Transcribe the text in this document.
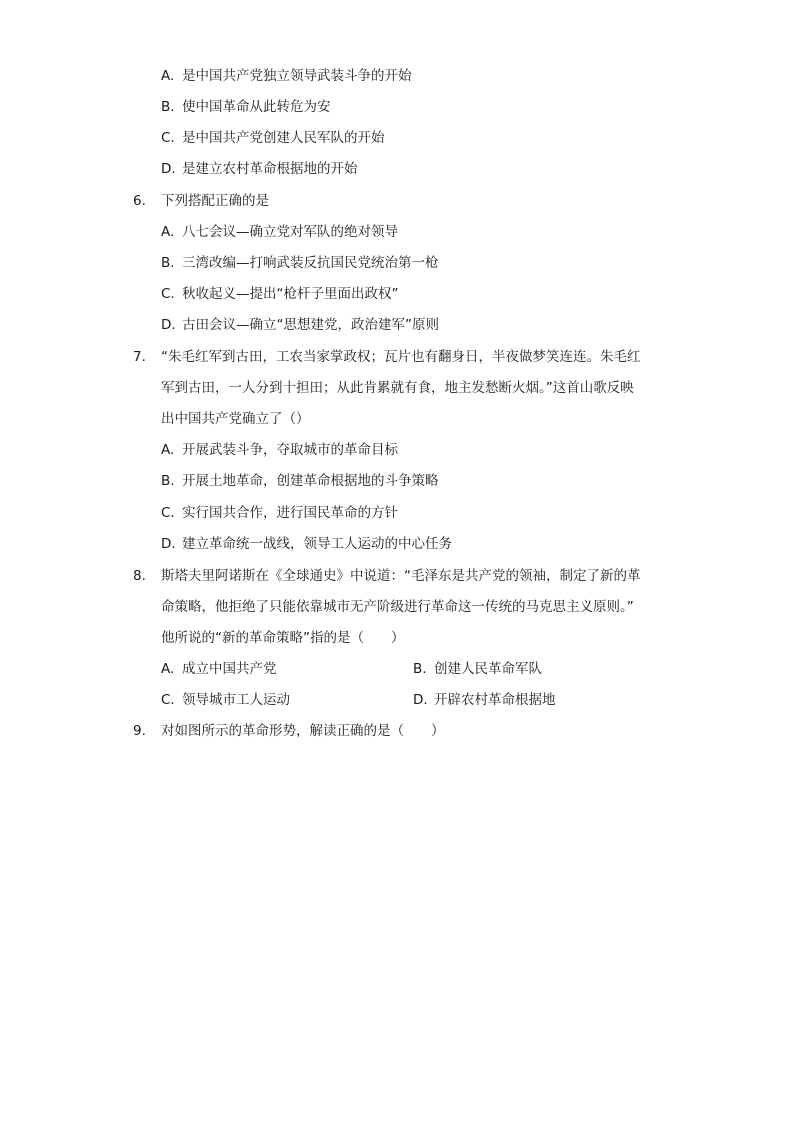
A. 是中国共产党独立领导武装斗争的开始
B. 使中国革命从此转危为安
C. 是中国共产党创建人民军队的开始
D. 是建立农村革命根据地的开始
6. 下列搭配正确的是
A. 八七会议—确立党对军队的绝对领导
B. 三湾改编—打响武装反抗国民党统治第一枪
C. 秋收起义—提出“枪杆子里面出政权”
D. 古田会议—确立“思想建党，政治建军”原则
7. “朱毛红军到古田，工农当家掌政权；瓦片也有翻身日，半夜做梦笑连连。朱毛红
军到古田，一人分到十担田；从此肯累就有食，地主发愁断火烟。”这首山歌反映
出中国共产党确立了（）
A. 开展武装斗争，夺取城市的革命目标
B. 开展土地革命，创建革命根据地的斗争策略
C. 实行国共合作，进行国民革命的方针
D. 建立革命统一战线，领导工人运动的中心任务
8. 斯塔夫里阿诺斯在《全球通史》中说道：“毛泽东是共产党的领袖，制定了新的革
命策略，他拒绝了只能依靠城市无产阶级进行革命这一传统的马克思主义原则。”
他所说的“新的革命策略”指的是（　　）
A. 成立中国共产党	B. 创建人民革命军队
C. 领导城市工人运动	D. 开辟农村革命根据地
9. 对如图所示的革命形势，解读正确的是（　　）
